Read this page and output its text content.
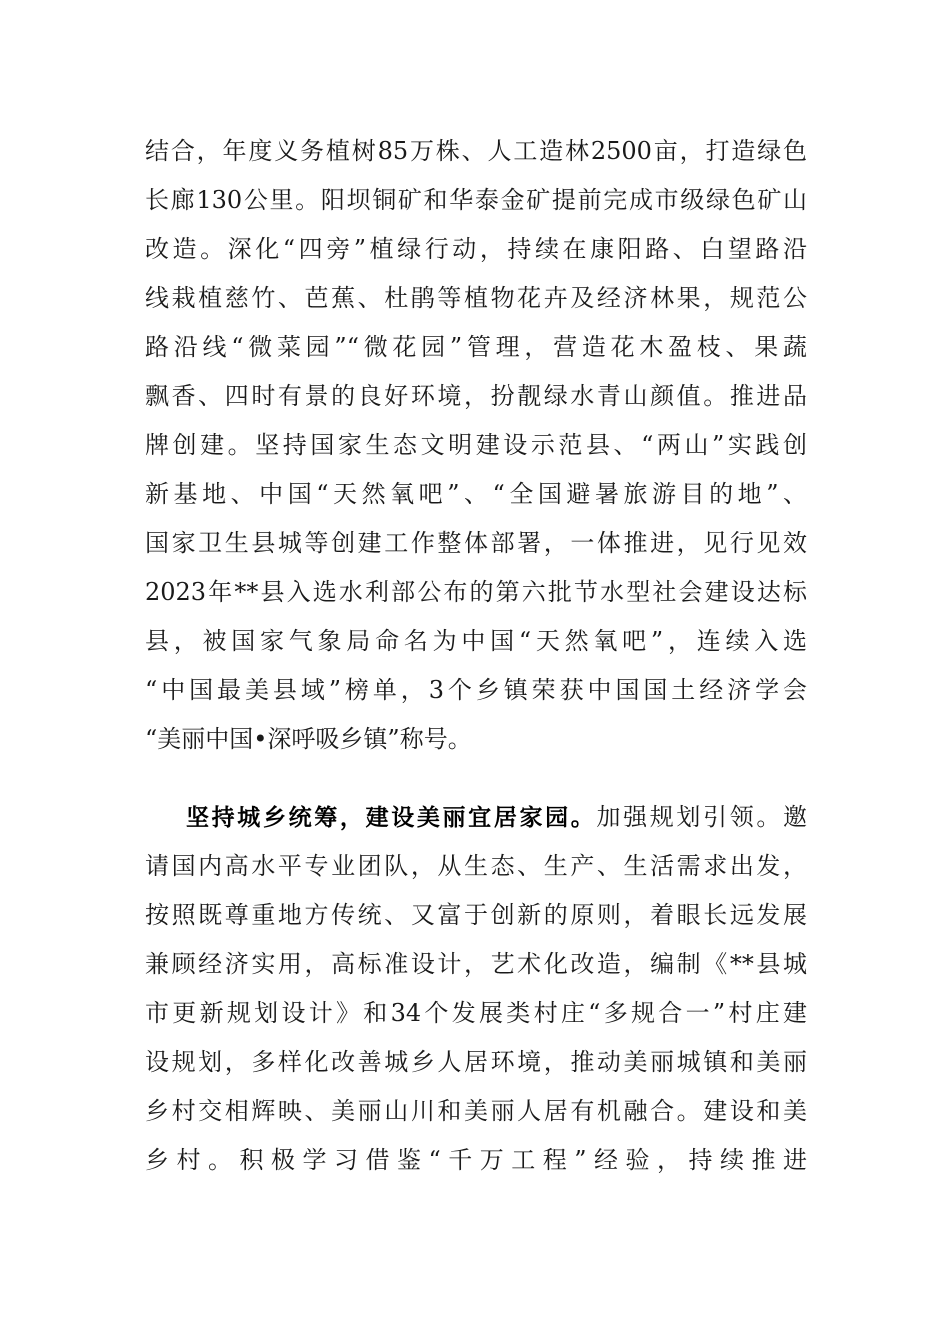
结合，年度义务植树85万株、人工造林2500亩，打造绿色
长廊130公里。阳坝铜矿和华泰金矿提前完成市级绿色矿山
改造。深化“四旁”植绿行动，持续在康阳路、白望路沿
线栽植慈竹、芭蕉、杜鹃等植物花卉及经济林果，规范公
路沿线“微菜园”“微花园”管理，营造花木盈枝、果蔬
飘香、四时有景的良好环境，扮靓绿水青山颜值。推进品
牌创建。坚持国家生态文明建设示范县、“两山”实践创
新基地、中国“天然氧吧”、“全国避暑旅游目的地”、
国家卫生县城等创建工作整体部署，一体推进，见行见效
2023年**县入选水利部公布的第六批节水型社会建设达标
县，被国家气象局命名为中国“天然氧吧”，连续入选
“中国最美县域”榜单，3个乡镇荣获中国国土经济学会
“美丽中国•深呼吸乡镇”称号。
坚持城乡统筹，建设美丽宜居家园。加强规划引领。邀
请国内高水平专业团队，从生态、生产、生活需求出发，
按照既尊重地方传统、又富于创新的原则，着眼长远发展
兼顾经济实用，高标准设计，艺术化改造，编制《**县城
市更新规划设计》和34个发展类村庄“多规合一”村庄建
设规划，多样化改善城乡人居环境，推动美丽城镇和美丽
乡村交相辉映、美丽山川和美丽人居有机融合。建设和美
乡村。积极学习借鉴“千万工程”经验，持续推进
